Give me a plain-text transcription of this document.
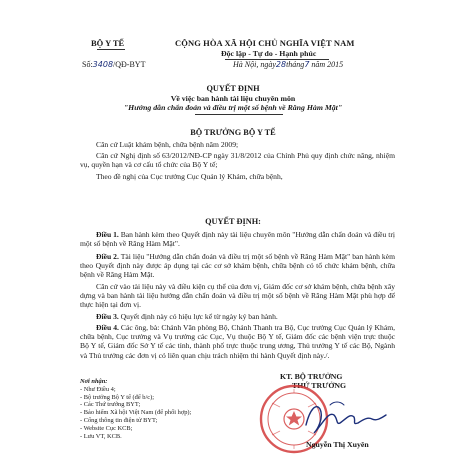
BỘ Y TẾ	CỘNG HÒA XÃ HỘI CHỦ NGHĨA VIỆT NAM
Độc lập - Tự do - Hạnh phúc
Số:3408/QĐ-BYT	Hà Nội, ngày28tháng7 năm 2015
QUYẾT ĐỊNH
Về việc ban hành tài liệu chuyên môn
"Hướng dẫn chẩn đoán và điều trị một số bệnh về Răng Hàm Mặt"
BỘ TRƯỞNG BỘ Y TẾ
Căn cứ Luật khám bệnh, chữa bệnh năm 2009;
Căn cứ Nghị định số 63/2012/NĐ-CP ngày 31/8/2012 của Chính Phủ quy định chức năng, nhiệm vụ, quyền hạn và cơ cấu tổ chức của Bộ Y tế;
Theo đề nghị của Cục trưởng Cục Quản lý Khám, chữa bệnh,
QUYẾT ĐỊNH:
Điều 1. Ban hành kèm theo Quyết định này tài liệu chuyên môn "Hướng dẫn chẩn đoán và điều trị một số bệnh về Răng Hàm Mặt".
Điều 2. Tài liệu "Hướng dẫn chẩn đoán và điều trị một số bệnh về Răng Hàm Mặt" ban hành kèm theo Quyết định này được áp dụng tại các cơ sở khám bệnh, chữa bệnh có tổ chức khám bệnh, chữa bệnh về Răng Hàm Mặt.
Căn cứ vào tài liệu này và điều kiện cụ thể của đơn vị, Giám đốc cơ sở khám bệnh, chữa bệnh xây dựng và ban hành tài liệu hướng dẫn chẩn đoán và điều trị một số bệnh về Răng Hàm Mặt phù hợp để thực hiện tại đơn vị.
Điều 3. Quyết định này có hiệu lực kể từ ngày ký ban hành.
Điều 4. Các ông, bà: Chánh Văn phòng Bộ, Chánh Thanh tra Bộ, Cục trưởng Cục Quản lý Khám, chữa bệnh, Cục trưởng và Vụ trưởng các Cục, Vụ thuộc Bộ Y tế, Giám đốc các bệnh viện trực thuộc Bộ Y tế, Giám đốc Sở Y tế các tỉnh, thành phố trực thuộc trung ương, Thủ trưởng Y tế các Bộ, Ngành và Thủ trưởng các đơn vị có liên quan chịu trách nhiệm thi hành Quyết định này./.
Nơi nhận:
- Như Điều 4;
- Bộ trưởng Bộ Y tế (để b/c);
- Các Thứ trưởng BYT;
- Bảo hiểm Xã hội Việt Nam (để phối hợp);
- Cổng thông tin điện tử BYT;
- Website Cục KCB;
- Lưu VT, KCB.
KT. BỘ TRƯỞNG
THỨ TRƯỞNG
Nguyễn Thị Xuyên
